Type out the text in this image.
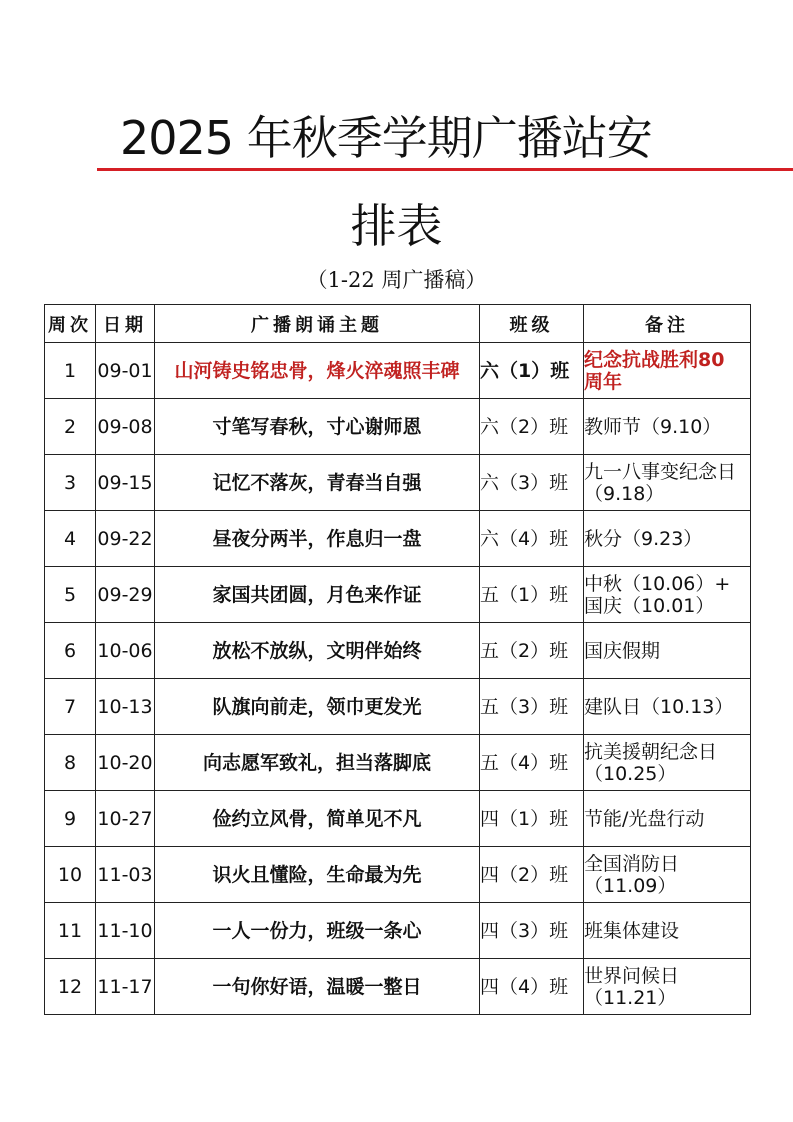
2025 年秋季学期广播站安
排表
（1-22 周广播稿）
周次	日期	广播朗诵主题	班级	备注
1	09-01	山河铸史铭忠骨，烽火淬魂照丰碑	六（1）班	纪念抗战胜利80 周年
2	09-08	寸笔写春秋，寸心谢师恩	六（2）班	教师节（9.10）
3	09-15	记忆不落灰，青春当自强	六（3）班	九一八事变纪念日（9.18）
4	09-22	昼夜分两半，作息归一盘	六（4）班	秋分（9.23）
5	09-29	家国共团圆，月色来作证	五（1）班	中秋（10.06）+ 国庆（10.01）
6	10-06	放松不放纵，文明伴始终	五（2）班	国庆假期
7	10-13	队旗向前走，领巾更发光	五（3）班	建队日（10.13）
8	10-20	向志愿军致礼，担当落脚底	五（4）班	抗美援朝纪念日（10.25）
9	10-27	俭约立风骨，简单见不凡	四（1）班	节能/光盘行动
10	11-03	识火且懂险，生命最为先	四（2）班	全国消防日（11.09）
11	11-10	一人一份力，班级一条心	四（3）班	班集体建设
12	11-17	一句你好语，温暖一整日	四（4）班	世界问候日（11.21）
